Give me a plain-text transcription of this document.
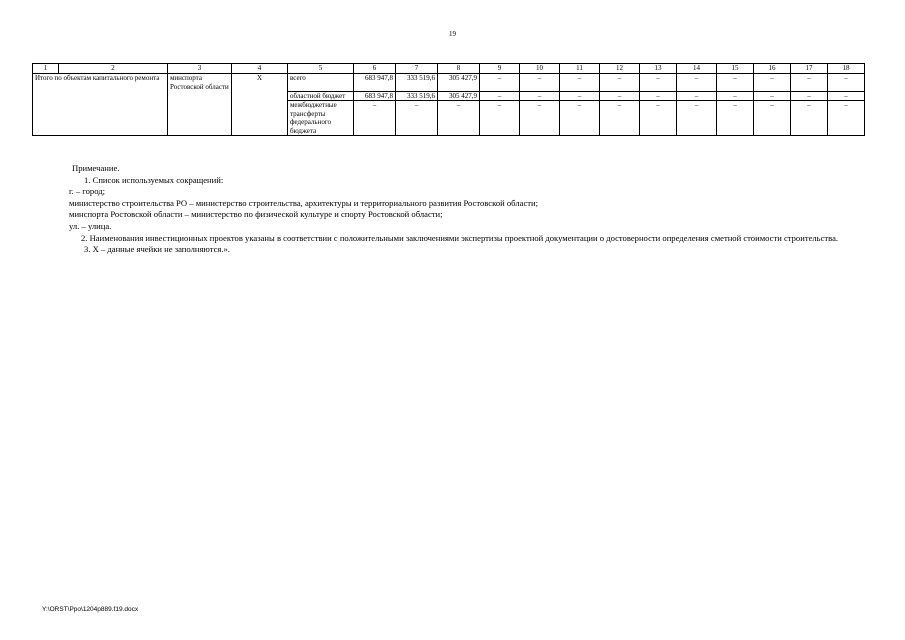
19
1	2	3	4	5	6	7	8	9	10	11	12	13	14	15	16	17	18
Итого по объектам капитального ремонта		минспорта Ростовской области	X	всего	683 947,8	333 519,6	305 427,9	–	–	–	–	–	–	–	–	–	–
				областной бюджет	683 947,8	333 519,6	305 427,9	–	–	–	–	–	–	–	–	–	–
				межбюджетные трансферты федерального бюджета	–	–	–	–	–	–	–	–	–	–	–	–	–

Примечание.

1. Список используемых сокращений:

г. – город;

министерство строительства РО – министерство строительства, архитектуры и территориального развития Ростовской области;

минспорта Ростовской области – министерство по физической культуре и спорту Ростовской области;

ул. – улица.

2. Наименования инвестиционных проектов указаны в соответствии с положительными заключениями экспертизы проектной документации о достоверности определения сметной стоимости строительства.

3. Х – данные ячейки не заполняются.».

Y:\ORST\Ppo\1204p889.f19.docx
